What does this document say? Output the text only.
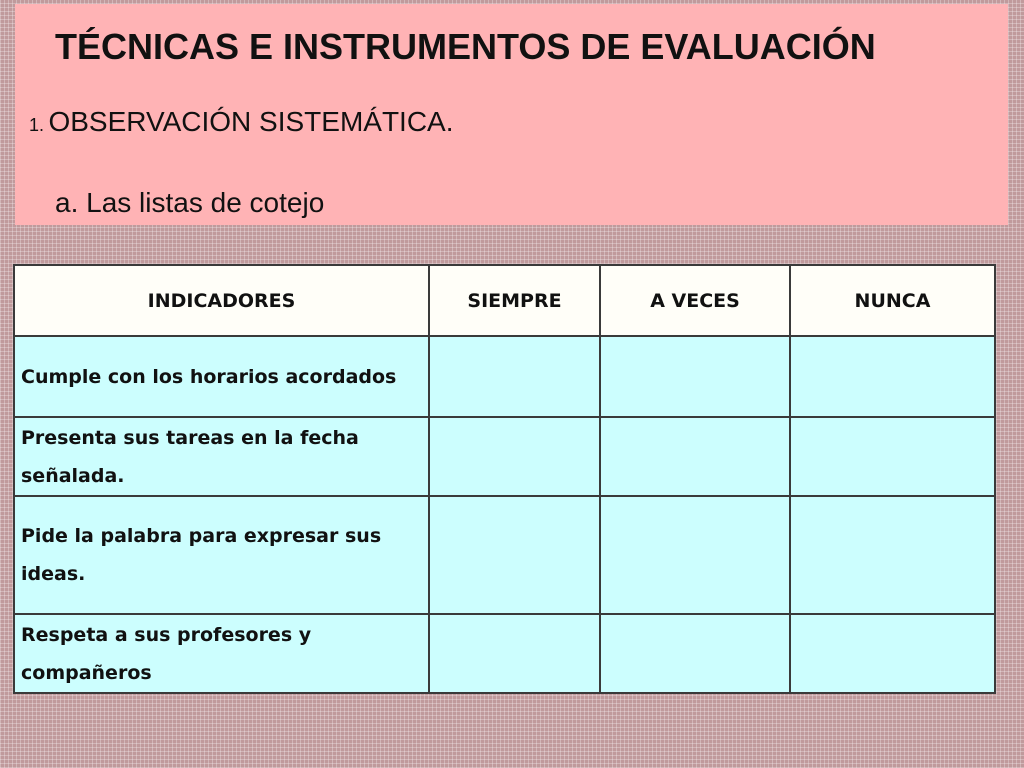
TÉCNICAS E INSTRUMENTOS DE EVALUACIÓN
1. OBSERVACIÓN SISTEMÁTICA.
a. Las listas de cotejo
INDICADORES	SIEMPRE	A VECES	NUNCA
Cumple con los horarios acordados			
Presenta sus tareas en la fecha señalada.			
Pide la palabra para expresar sus ideas.			
Respeta a sus profesores y compañeros			
